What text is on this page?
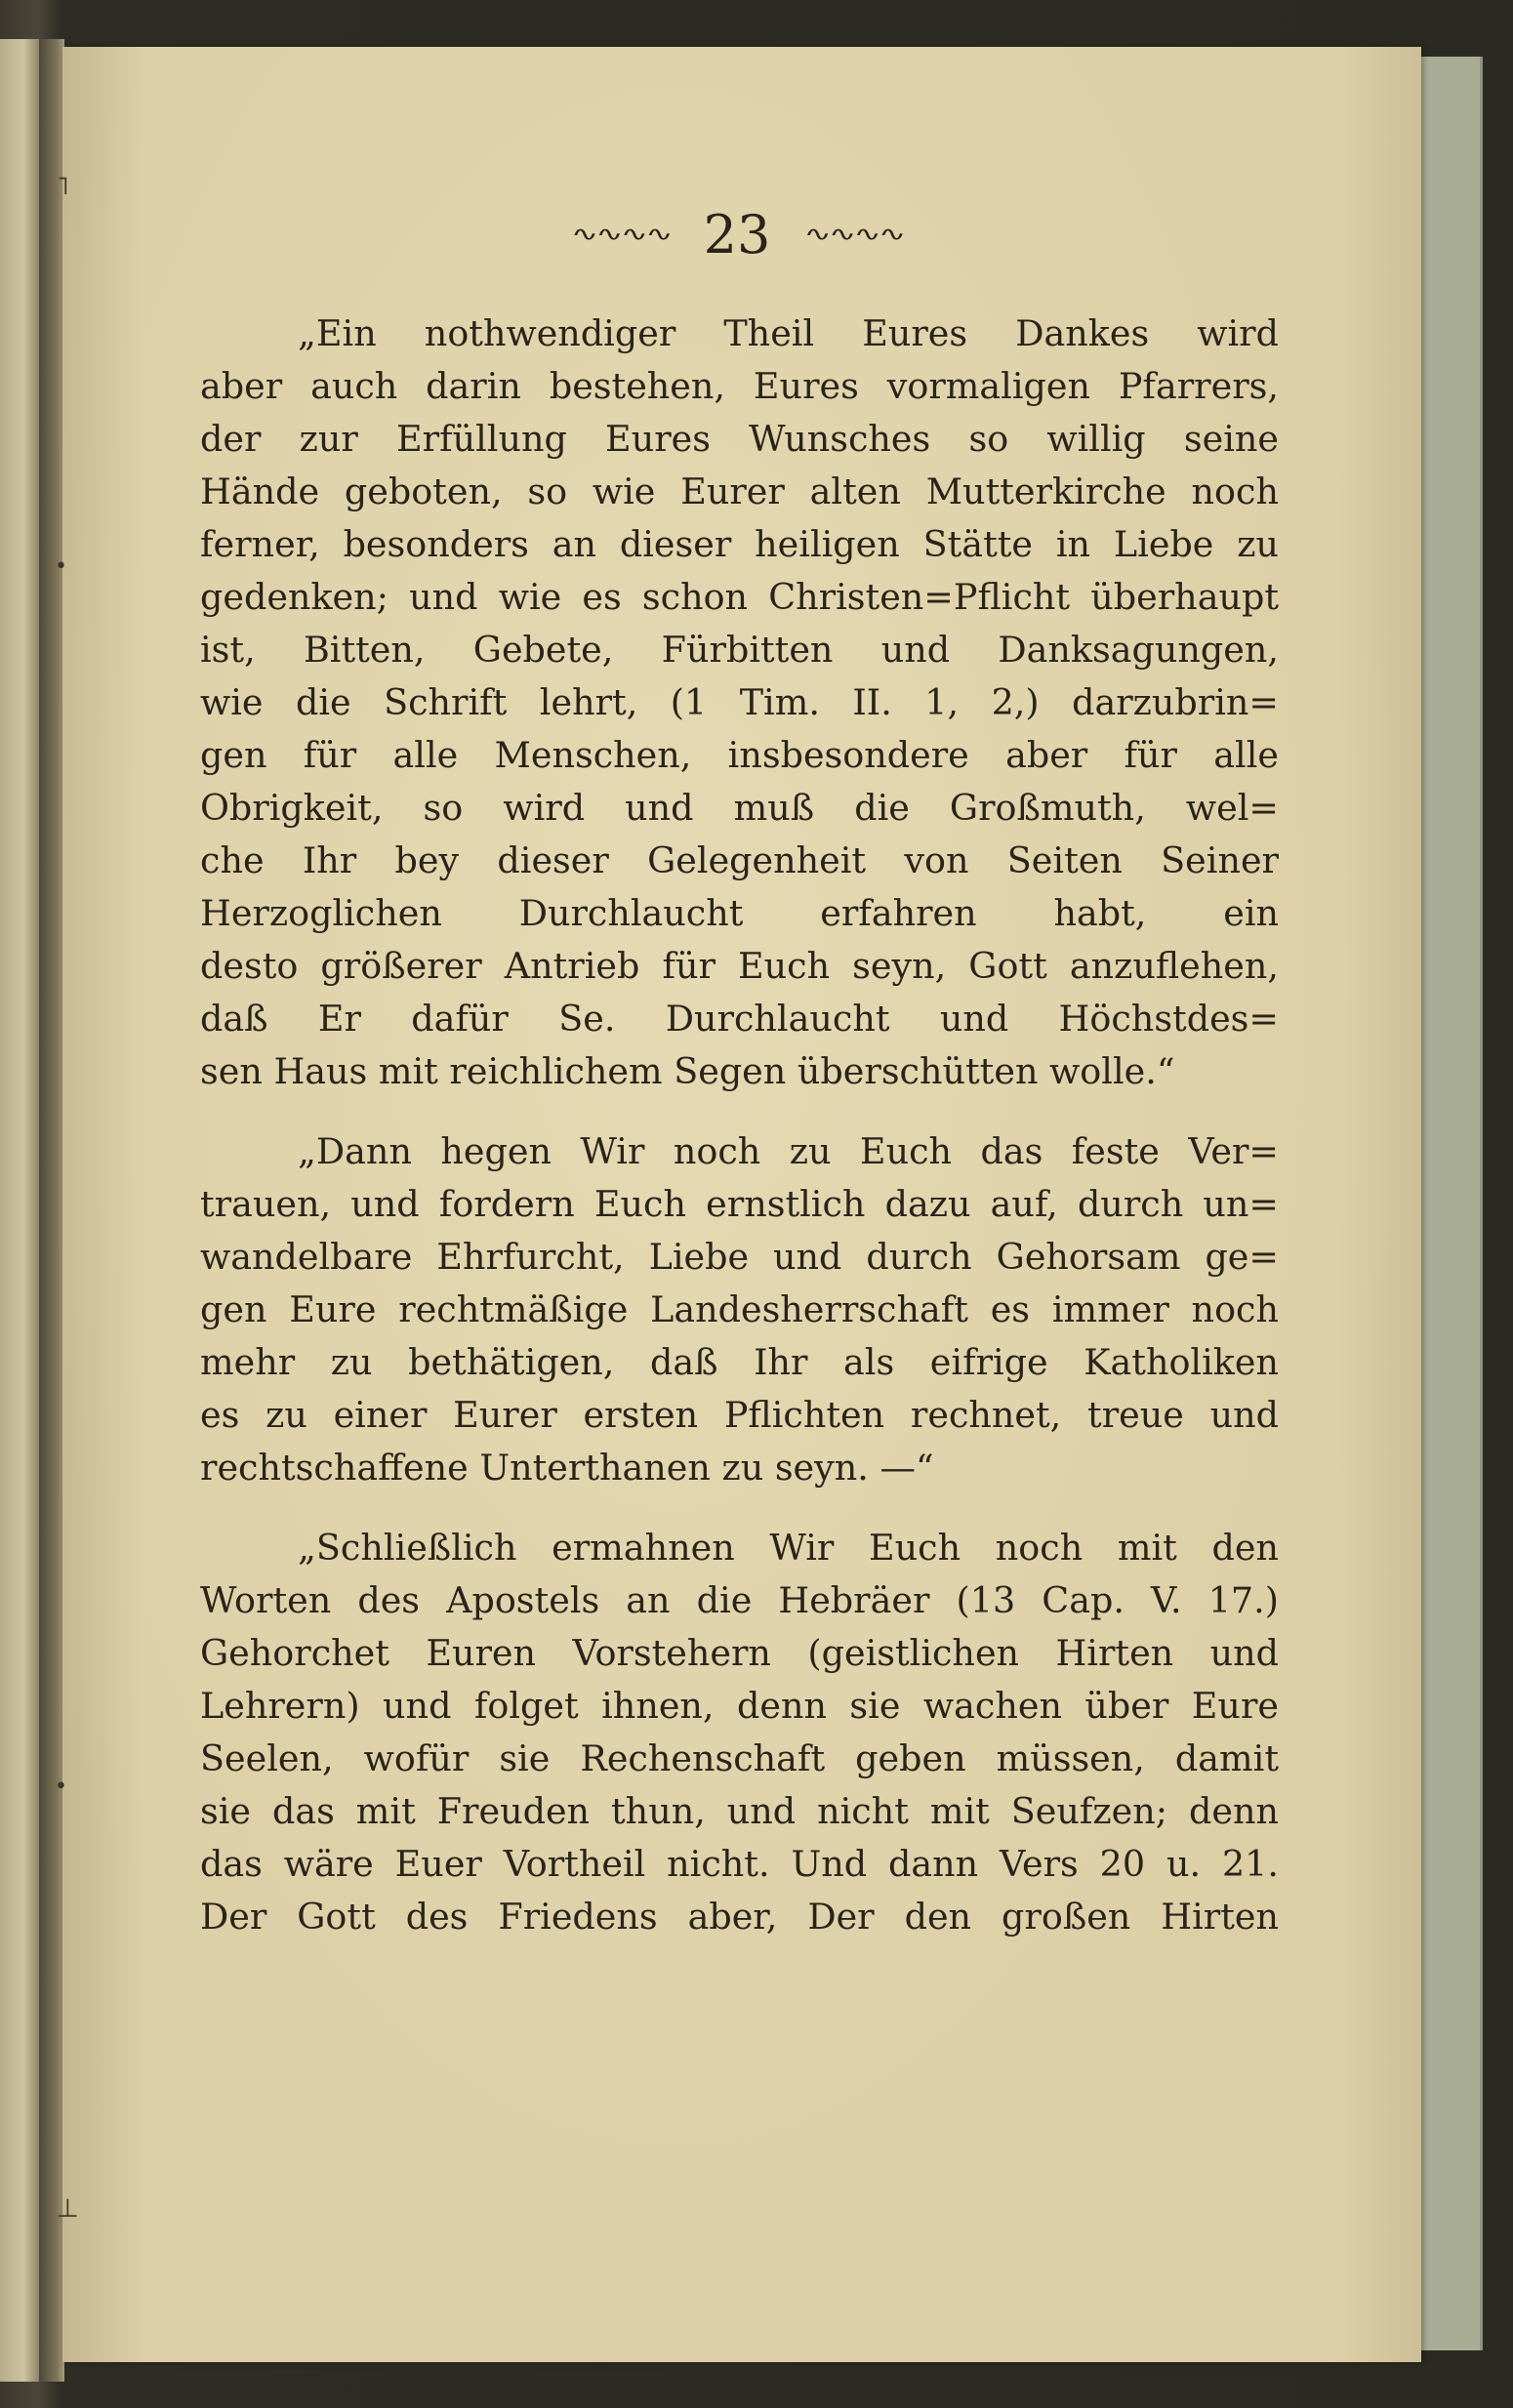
˥
•
•
⊥
∿∿∿∿ 23 ∿∿∿∿
„Ein nothwendiger Theil Eures Dankes wird
aber auch darin bestehen, Eures vormaligen Pfarrers,
der zur Erfüllung Eures Wunsches so willig seine
Hände geboten, so wie Eurer alten Mutterkirche noch
ferner, besonders an dieser heiligen Stätte in Liebe zu
gedenken; und wie es schon Christen=Pflicht überhaupt
ist, Bitten, Gebete, Fürbitten und Danksagungen,
wie die Schrift lehrt, (1 Tim. II. 1, 2,) darzubrin=
gen für alle Menschen, insbesondere aber für alle
Obrigkeit, so wird und muß die Großmuth, wel=
che Ihr bey dieser Gelegenheit von Seiten Seiner
Herzoglichen Durchlaucht erfahren habt, ein
desto größerer Antrieb für Euch seyn, Gott anzuflehen,
daß Er dafür Se. Durchlaucht und Höchstdes=
sen Haus mit reichlichem Segen überschütten wolle.“
„Dann hegen Wir noch zu Euch das feste Ver=
trauen, und fordern Euch ernstlich dazu auf, durch un=
wandelbare Ehrfurcht, Liebe und durch Gehorsam ge=
gen Eure rechtmäßige Landesherrschaft es immer noch
mehr zu bethätigen, daß Ihr als eifrige Katholiken
es zu einer Eurer ersten Pflichten rechnet, treue und
rechtschaffene Unterthanen zu seyn. —“
„Schließlich ermahnen Wir Euch noch mit den
Worten des Apostels an die Hebräer (13 Cap. V. 17.)
Gehorchet Euren Vorstehern (geistlichen Hirten und
Lehrern) und folget ihnen, denn sie wachen über Eure
Seelen, wofür sie Rechenschaft geben müssen, damit
sie das mit Freuden thun, und nicht mit Seufzen; denn
das wäre Euer Vortheil nicht. Und dann Vers 20 u. 21.
Der Gott des Friedens aber, Der den großen Hirten
